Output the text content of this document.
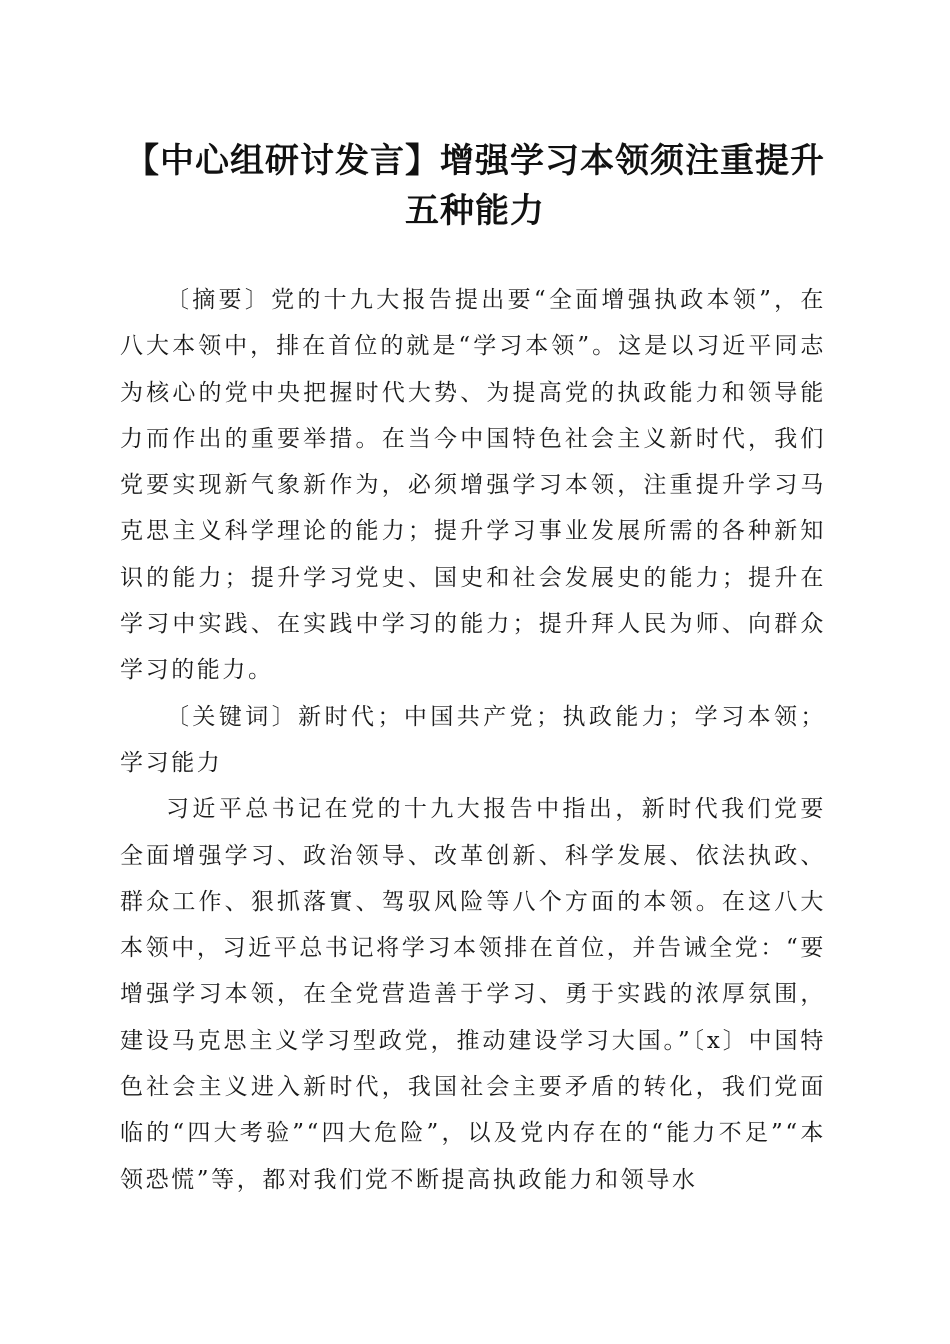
【中心组研讨发言】增强学习本领须注重提升五种能力

〔摘要〕党的十九大报告提出要“全面增强执政本领”，在八大本领中，排在首位的就是“学习本领”。这是以习近平同志为核心的党中央把握时代大势、为提高党的执政能力和领导能力而作出的重要举措。在当今中国特色社会主义新时代，我们党要实现新气象新作为，必须增强学习本领，注重提升学习马克思主义科学理论的能力；提升学习事业发展所需的各种新知识的能力；提升学习党史、国史和社会发展史的能力；提升在学习中实践、在实践中学习的能力；提升拜人民为师、向群众学习的能力。

〔关键词〕新时代；中国共产党；执政能力；学习本领；学习能力

习近平总书记在党的十九大报告中指出，新时代我们党要全面增强学习、政治领导、改革创新、科学发展、依法执政、群众工作、狠抓落實、驾驭风险等八个方面的本领。在这八大本领中，习近平总书记将学习本领排在首位，并告诫全党：“要增强学习本领，在全党营造善于学习、勇于实践的浓厚氛围，建设马克思主义学习型政党，推动建设学习大国。”〔x〕中国特色社会主义进入新时代，我国社会主要矛盾的转化，我们党面临的“四大考验”“四大危险”，以及党内存在的“能力不足”“本领恐慌”等，都对我们党不断提高执政能力和领导水
